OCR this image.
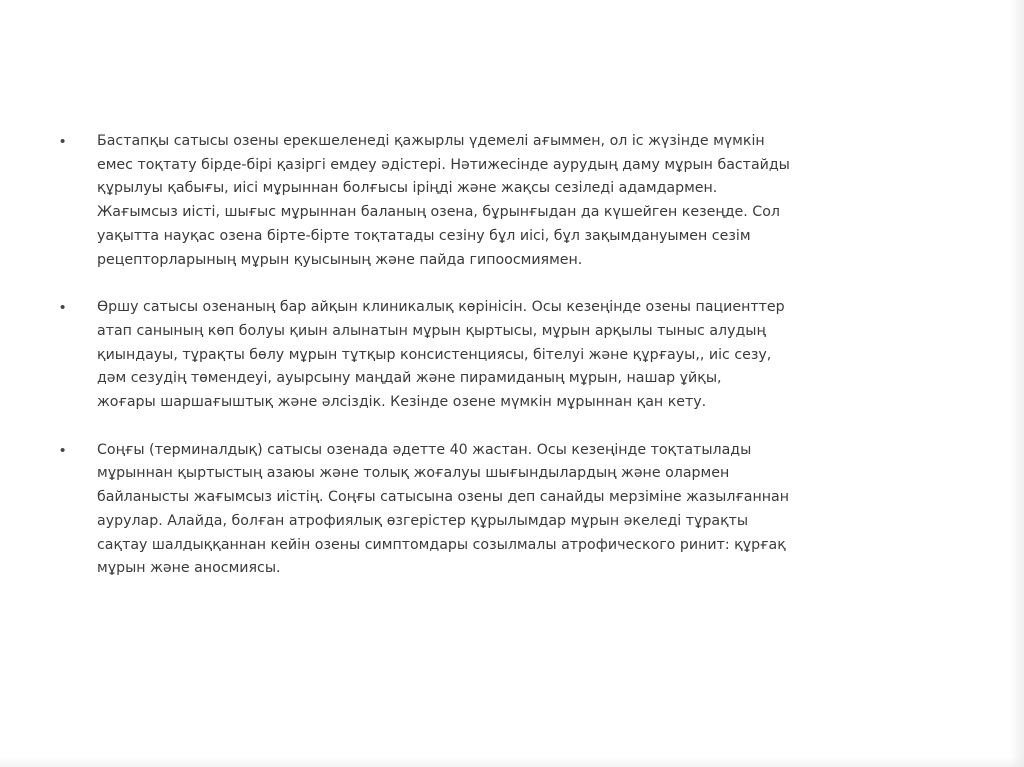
•	Бастапқы сатысы озены ерекшеленеді қажырлы үдемелі ағыммен, ол іс жүзінде мүмкін
емес тоқтату бірде-бірі қазіргі емдеу әдістері. Нәтижесінде аурудың даму мұрын бастайды
құрылуы қабығы, иісі мұрыннан болғысы іріңді және жақсы сезіледі адамдармен.
Жағымсыз иісті, шығыс мұрыннан баланың озена, бұрынғыдан да күшейген кезеңде. Сол
уақытта науқас озена бірте-бірте тоқтатады сезіну бұл иісі, бұл зақымдануымен сезім
рецепторларының мұрын қуысының және пайда гипоосмиямен.
•	Өршу сатысы озенаның бар айқын клиникалық көрінісін. Осы кезеңінде озены пациенттер
атап санының көп болуы қиын алынатын мұрын қыртысы, мұрын арқылы тыныс алудың
қиындауы, тұрақты бөлу мұрын тұтқыр консистенциясы, бітелуі және құрғауы,, иіс сезу,
дәм сезудің төмендеуі, ауырсыну маңдай және пирамиданың мұрын, нашар ұйқы,
жоғары шаршағыштық және әлсіздік. Кезінде озене мүмкін мұрыннан қан кету.
•	Соңғы (терминалдық) сатысы озенада әдетте 40 жастан. Осы кезеңінде тоқтатылады
мұрыннан қыртыстың азаюы және толық жоғалуы шығындылардың және олармен
байланысты жағымсыз иістің. Соңғы сатысына озены деп санайды мерзіміне жазылғаннан
аурулар. Алайда, болған атрофиялық өзгерістер құрылымдар мұрын әкеледі тұрақты
сақтау шалдыққаннан кейін озены симптомдары созылмалы атрофического ринит: құрғақ
мұрын және аносмиясы.
